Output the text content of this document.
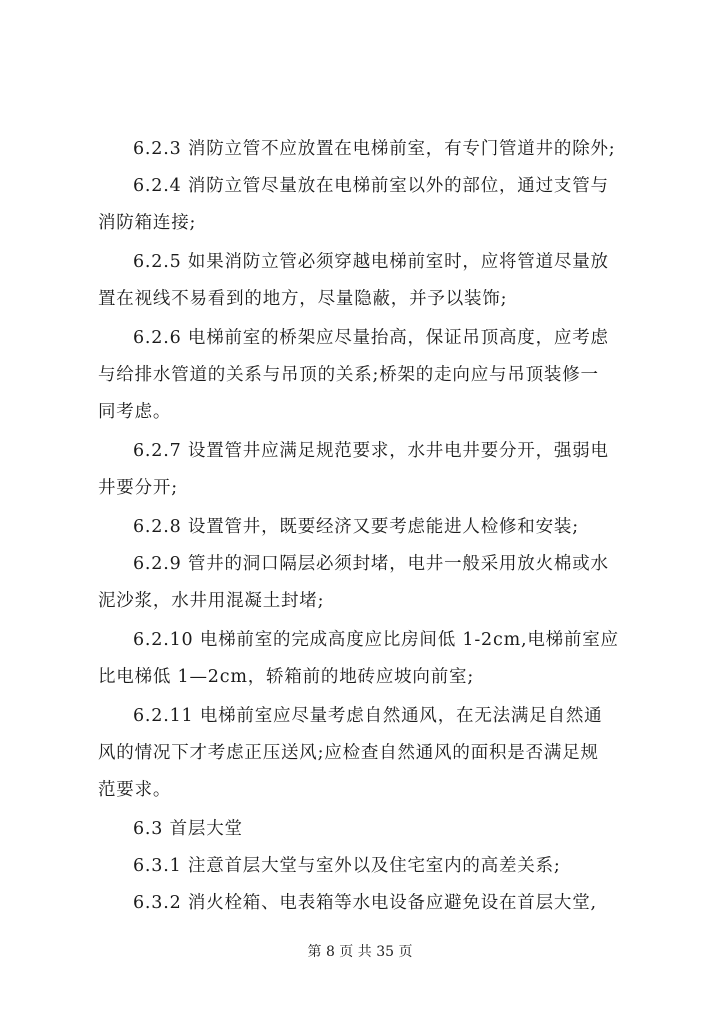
6.2.3 消防立管不应放置在电梯前室，有专门管道井的除外;
6.2.4 消防立管尽量放在电梯前室以外的部位，通过支管与
消防箱连接;
6.2.5 如果消防立管必须穿越电梯前室时，应将管道尽量放
置在视线不易看到的地方，尽量隐蔽，并予以装饰;
6.2.6 电梯前室的桥架应尽量抬高，保证吊顶高度，应考虑
与给排水管道的关系与吊顶的关系;桥架的走向应与吊顶装修一
同考虑。
6.2.7 设置管井应满足规范要求，水井电井要分开，强弱电
井要分开;
6.2.8 设置管井，既要经济又要考虑能进人检修和安装;
6.2.9 管井的洞口隔层必须封堵，电井一般采用放火棉或水
泥沙浆，水井用混凝土封堵;
6.2.10 电梯前室的完成高度应比房间低 1-2cm,电梯前室应
比电梯低 1—2cm，轿箱前的地砖应坡向前室;
6.2.11 电梯前室应尽量考虑自然通风，在无法满足自然通
风的情况下才考虑正压送风;应检查自然通风的面积是否满足规
范要求。
6.3 首层大堂
6.3.1 注意首层大堂与室外以及住宅室内的高差关系;
6.3.2 消火栓箱、电表箱等水电设备应避免设在首层大堂,
第 8 页 共 35 页
